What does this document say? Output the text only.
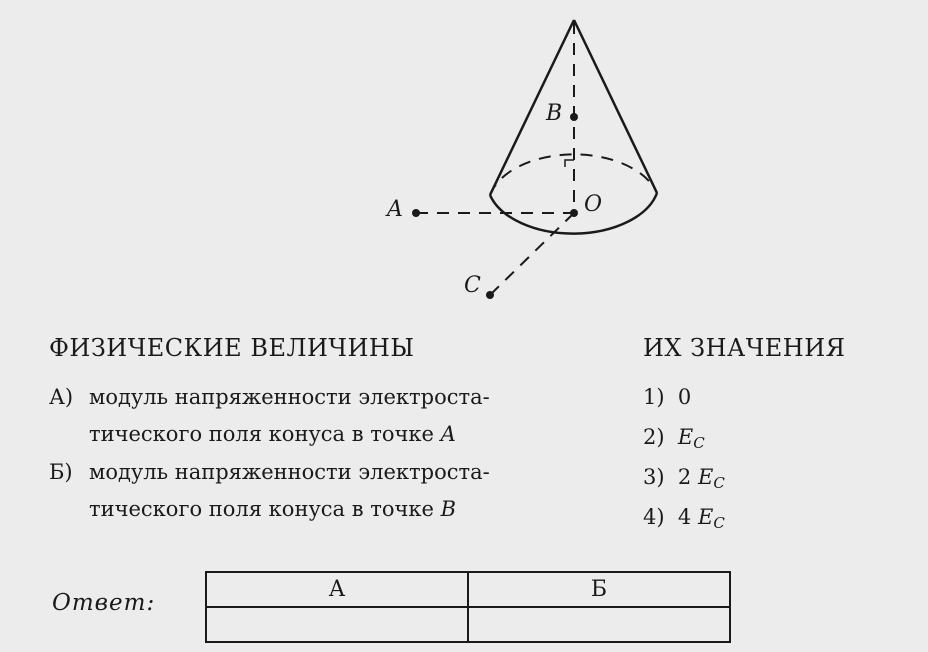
B
O
A
C
ФИЗИЧЕСКИЕ ВЕЛИЧИНЫ	ИХ ЗНАЧЕНИЯ
А) модуль напряженности электроста-
тического поля конуса в точке A
Б) модуль напряженности электроста-
тического поля конуса в точке B
1) 0
2) $E_C$
3) 2 $E_C$
4) 4 $E_C$
Ответ:
А	Б
